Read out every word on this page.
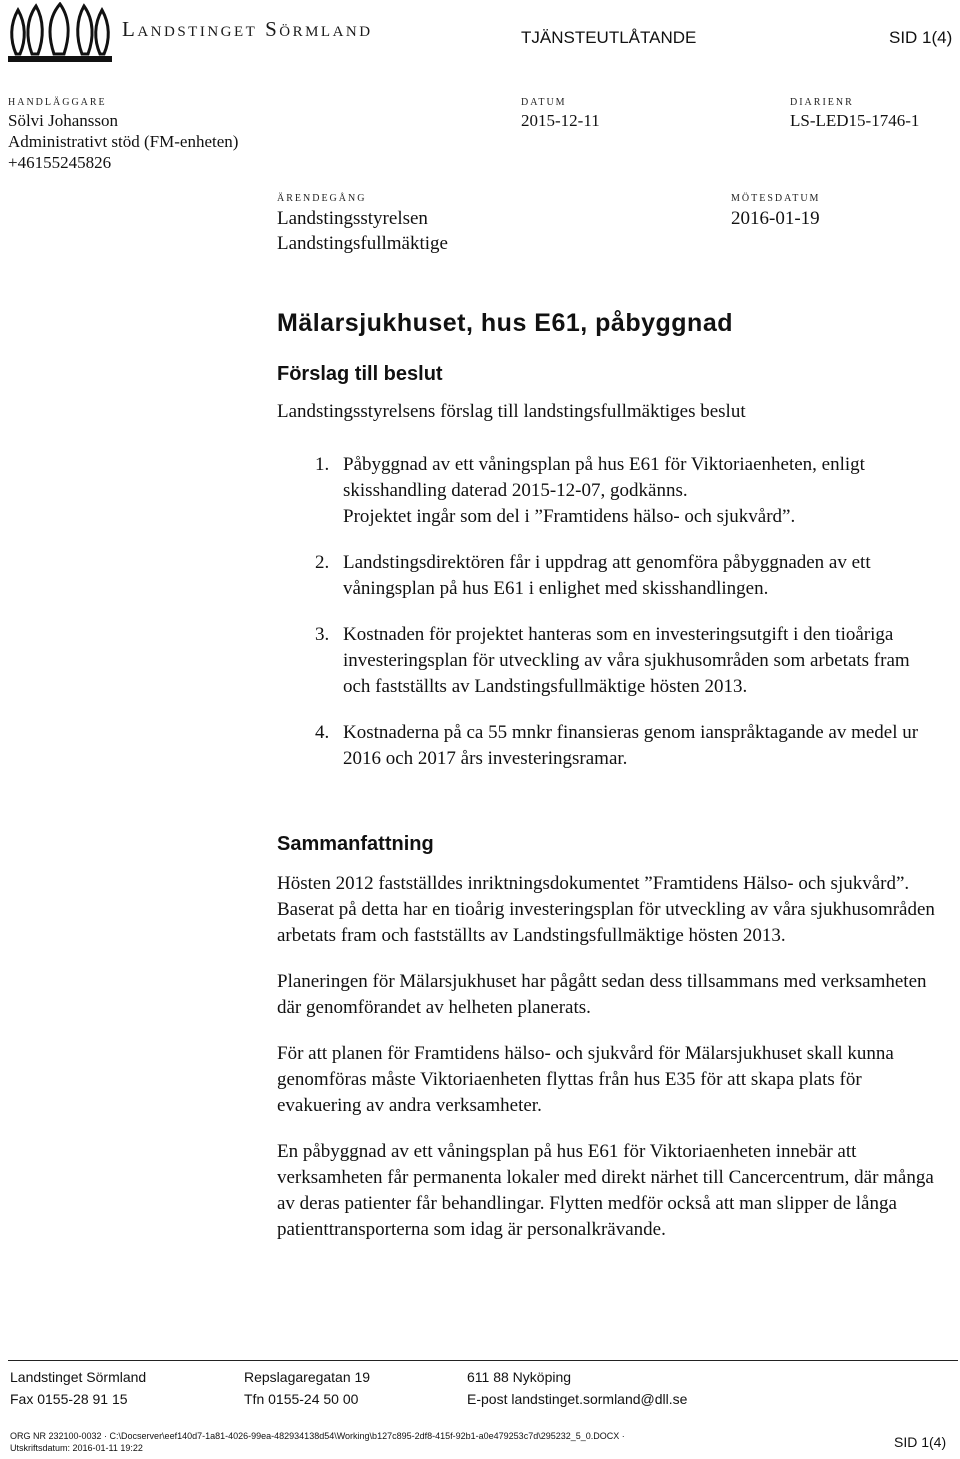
Landstinget Sörmland	TJÄNSTEUTLÅTANDE	SID 1(4)
HANDLÄGGARE
Sölvi Johansson
Administrativt stöd (FM-enheten)
+46155245826
DATUM
2015-12-11
DIARIENR
LS-LED15-1746-1
ÄRENDEGÅNG
Landstingsstyrelsen
Landstingsfullmäktige
MÖTESDATUM
2016-01-19
Mälarsjukhuset, hus E61, påbyggnad
Förslag till beslut
Landstingsstyrelsens förslag till landstingsfullmäktiges beslut
1. Påbyggnad av ett våningsplan på hus E61 för Viktoriaenheten, enligt skisshandling daterad 2015-12-07, godkänns.
Projektet ingår som del i ”Framtidens hälso- och sjukvård”.
2. Landstingsdirektören får i uppdrag att genomföra påbyggnaden av ett våningsplan på hus E61 i enlighet med skisshandlingen.
3. Kostnaden för projektet hanteras som en investeringsutgift i den tioåriga investeringsplan för utveckling av våra sjukhusområden som arbetats fram och fastställts av Landstingsfullmäktige hösten 2013.
4. Kostnaderna på ca 55 mnkr finansieras genom ianspråktagande av medel ur 2016 och 2017 års investeringsramar.
Sammanfattning

Hösten 2012 fastställdes inriktningsdokumentet ”Framtidens Hälso- och sjukvård”. Baserat på detta har en tioårig investeringsplan för utveckling av våra sjukhusområden arbetats fram och fastställts av Landstingsfullmäktige hösten 2013.

Planeringen för Mälarsjukhuset har pågått sedan dess tillsammans med verksamheten där genomförandet av helheten planerats.

För att planen för Framtidens hälso- och sjukvård för Mälarsjukhuset skall kunna genomföras måste Viktoriaenheten flyttas från hus E35 för att skapa plats för evakuering av andra verksamheter.

En påbyggnad av ett våningsplan på hus E61 för Viktoriaenheten innebär att verksamheten får permanenta lokaler med direkt närhet till Cancercentrum, där många av deras patienter får behandlingar. Flytten medför också att man slipper de långa patienttransporterna som idag är personalkrävande.

Landstinget Sörmland	Repslagaregatan 19	611 88 Nyköping
Fax 0155-28 91 15	Tfn 0155-24 50 00	E-post landstinget.sormland@dll.se
ORG NR 232100-0032 · C:\Docserver\eef140d7-1a81-4026-99ea-482934138d54\Working\b127c895-2df8-415f-92b1-a0e479253c7d\295232_5_0.DOCX ·
Utskriftsdatum: 2016-01-11 19:22	SID 1(4)
